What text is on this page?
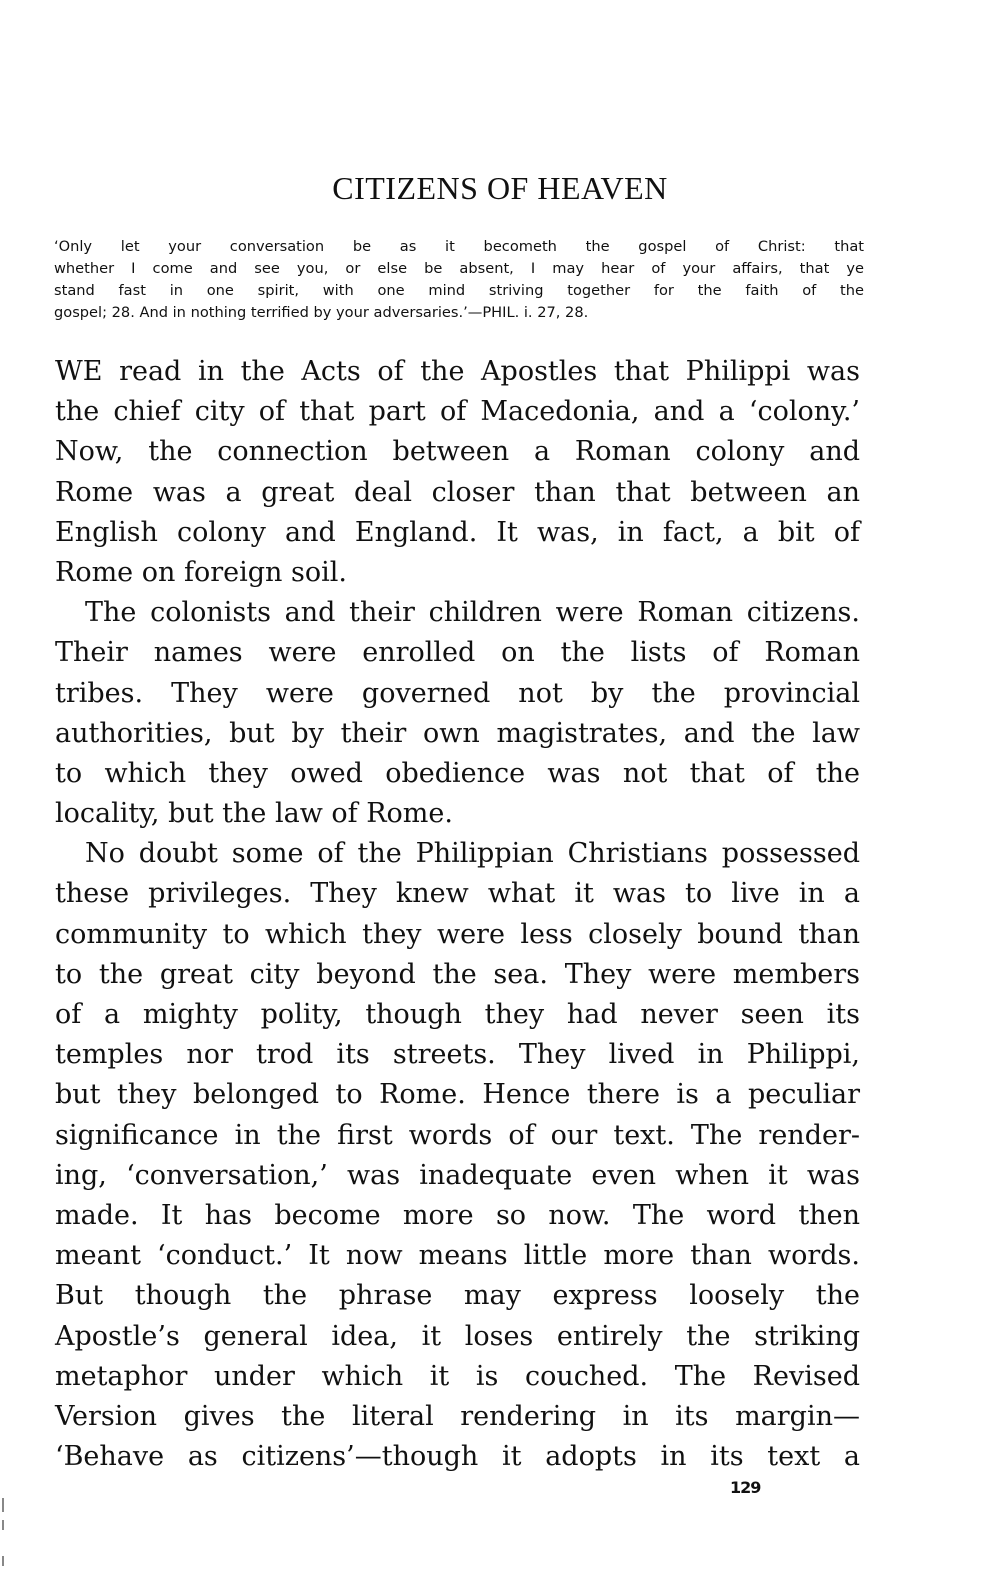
CITIZENS OF HEAVEN
‘Only let your conversation be as it becometh the gospel of Christ: that
whether I come and see you, or else be absent, I may hear of your affairs, that ye
stand fast in one spirit, with one mind striving together for the faith of the
gospel; 28. And in nothing terrified by your adversaries.’—PHIL. i. 27, 28.
WE read in the Acts of the Apostles that Philippi was
the chief city of that part of Macedonia, and a ‘colony.’
Now, the connection between a Roman colony and
Rome was a great deal closer than that between an
English colony and England. It was, in fact, a bit of
Rome on foreign soil.
The colonists and their children were Roman citizens.
Their names were enrolled on the lists of Roman
tribes. They were governed not by the provincial
authorities, but by their own magistrates, and the law
to which they owed obedience was not that of the
locality, but the law of Rome.
No doubt some of the Philippian Christians possessed
these privileges. They knew what it was to live in a
community to which they were less closely bound than
to the great city beyond the sea. They were members
of a mighty polity, though they had never seen its
temples nor trod its streets. They lived in Philippi,
but they belonged to Rome. Hence there is a peculiar
significance in the first words of our text. The render-
ing, ‘conversation,’ was inadequate even when it was
made. It has become more so now. The word then
meant ‘conduct.’ It now means little more than words.
But though the phrase may express loosely the
Apostle’s general idea, it loses entirely the striking
metaphor under which it is couched. The Revised
Version gives the literal rendering in its margin—
‘Behave as citizens’—though it adopts in its text a
129
